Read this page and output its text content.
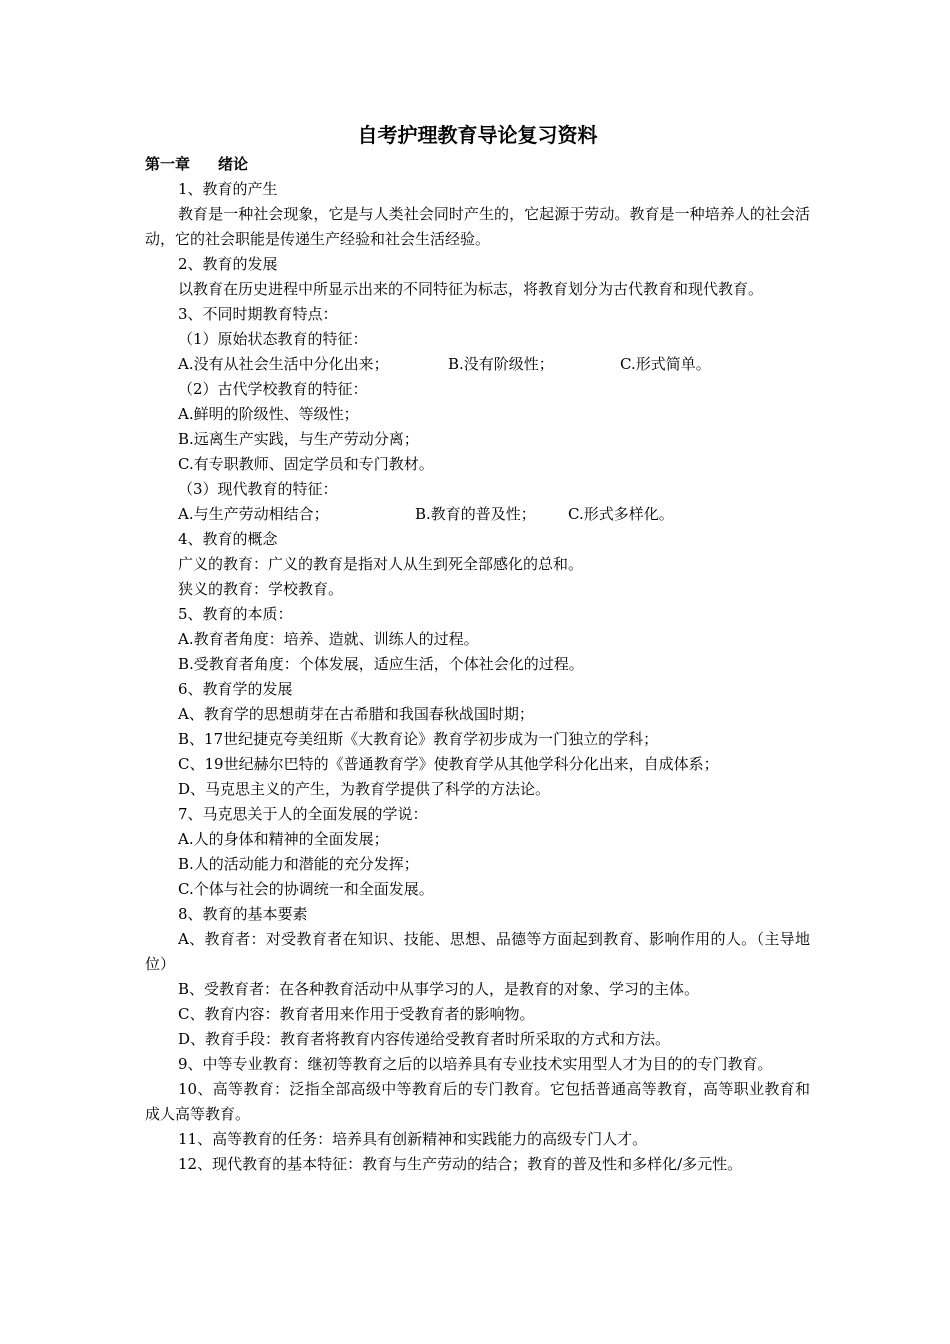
自考护理教育导论复习资料
第一章 绪论
1、教育的产生
教育是一种社会现象，它是与人类社会同时产生的，它起源于劳动。教育是一种培养人的社会活动，它的社会职能是传递生产经验和社会生活经验。
2、教育的发展
以教育在历史进程中所显示出来的不同特征为标志，将教育划分为古代教育和现代教育。
3、不同时期教育特点：
（1）原始状态教育的特征：
A.没有从社会生活中分化出来；	B.没有阶级性；	C.形式简单。
（2）古代学校教育的特征：
A.鲜明的阶级性、等级性；
B.远离生产实践，与生产劳动分离；
C.有专职教师、固定学员和专门教材。
（3）现代教育的特征：
A.与生产劳动相结合；	B.教育的普及性； C.形式多样化。
4、教育的概念
广义的教育：广义的教育是指对人从生到死全部感化的总和。
狭义的教育：学校教育。
5、教育的本质：
A.教育者角度：培养、造就、训练人的过程。
B.受教育者角度：个体发展，适应生活，个体社会化的过程。
6、教育学的发展
A、教育学的思想萌芽在古希腊和我国春秋战国时期；
B、17世纪捷克夸美纽斯《大教育论》教育学初步成为一门独立的学科；
C、19世纪赫尔巴特的《普通教育学》使教育学从其他学科分化出来，自成体系；
D、马克思主义的产生，为教育学提供了科学的方法论。
7、马克思关于人的全面发展的学说：
A.人的身体和精神的全面发展；
B.人的活动能力和潜能的充分发挥；
C.个体与社会的协调统一和全面发展。
8、教育的基本要素
A、教育者：对受教育者在知识、技能、思想、品德等方面起到教育、影响作用的人。（主导地位）
B、受教育者：在各种教育活动中从事学习的人，是教育的对象、学习的主体。
C、教育内容：教育者用来作用于受教育者的影响物。
D、教育手段：教育者将教育内容传递给受教育者时所采取的方式和方法。
9、中等专业教育：继初等教育之后的以培养具有专业技术实用型人才为目的的专门教育。
10、高等教育：泛指全部高级中等教育后的专门教育。它包括普通高等教育，高等职业教育和成人高等教育。
11、高等教育的任务：培养具有创新精神和实践能力的高级专门人才。
12、现代教育的基本特征：教育与生产劳动的结合；教育的普及性和多样化/多元性。
